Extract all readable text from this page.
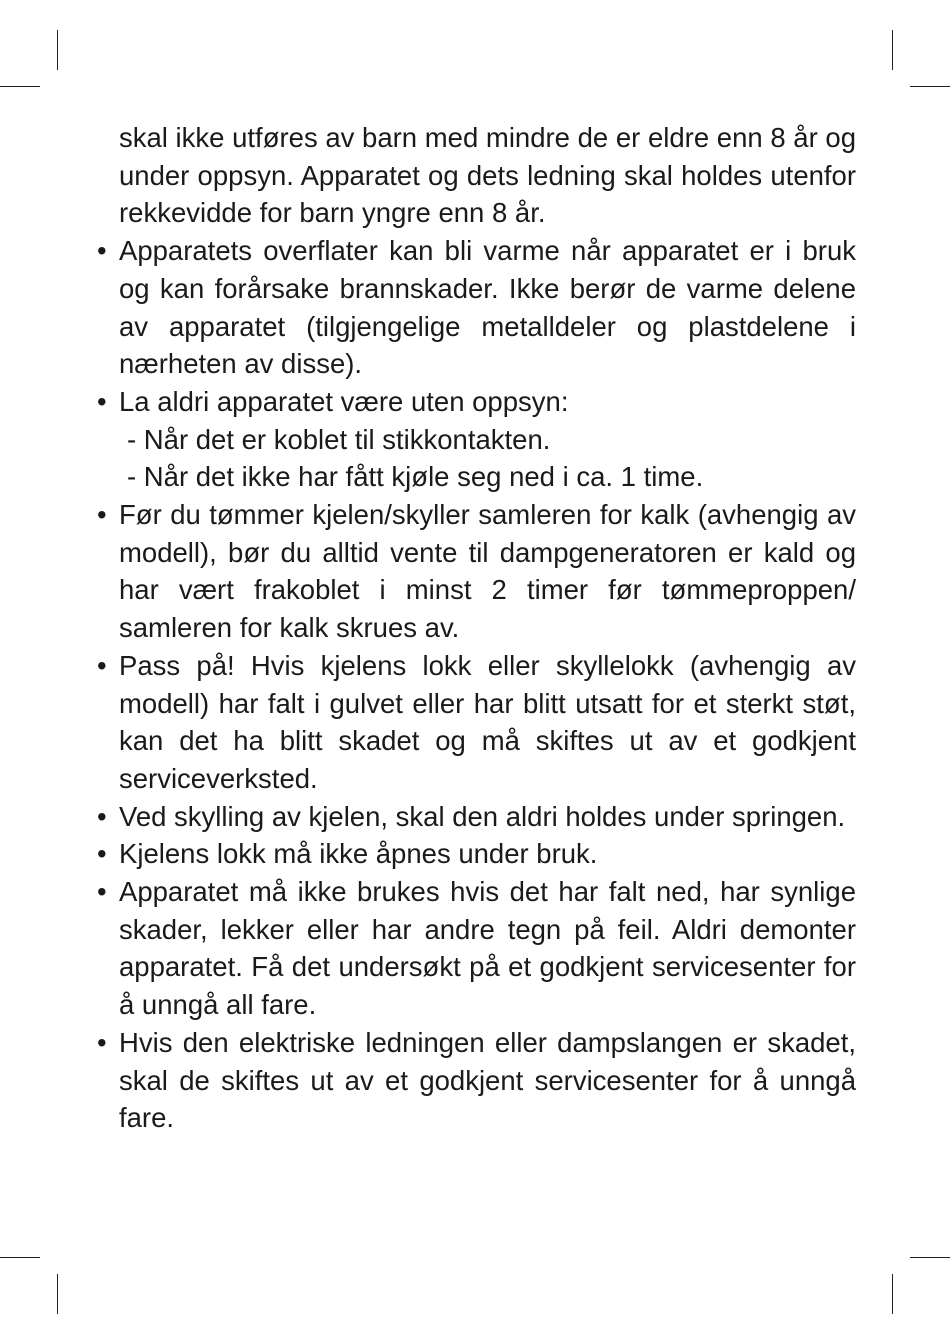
skal ikke utføres av barn med mindre de er eldre enn 8 år og under oppsyn. Apparatet og dets ledning skal holdes utenfor rekkevidde for barn yngre enn 8 år.

• Apparatets overflater kan bli varme når apparatet er i bruk og kan forårsake brannskader. Ikke berør de varme delene av apparatet (tilgjengelige metalldeler og plastdelene i nærheten av disse).
• La aldri apparatet være uten oppsyn:

- Når det er koblet til stikkontakten.

- Når det ikke har fått kjøle seg ned i ca. 1 time.

• Før du tømmer kjelen/skyller samleren for kalk (avhengig av modell), bør du alltid vente til dampgeneratoren er kald og har vært frakoblet i minst 2 timer før tømmeproppen/ samleren for kalk skrues av.
• Pass på! Hvis kjelens lokk eller skyllelokk (avhengig av modell) har falt i gulvet eller har blitt utsatt for et sterkt støt, kan det ha blitt skadet og må skiftes ut av et godkjent serviceverksted.
• Ved skylling av kjelen, skal den aldri holdes under springen.
• Kjelens lokk må ikke åpnes under bruk.
• Apparatet må ikke brukes hvis det har falt ned, har synlige skader, lekker eller har andre tegn på feil. Aldri demonter apparatet. Få det undersøkt på et godkjent servicesenter for å unngå all fare.
• Hvis den elektriske ledningen eller dampslangen er skadet, skal de skiftes ut av et godkjent servicesenter for å unngå fare.
